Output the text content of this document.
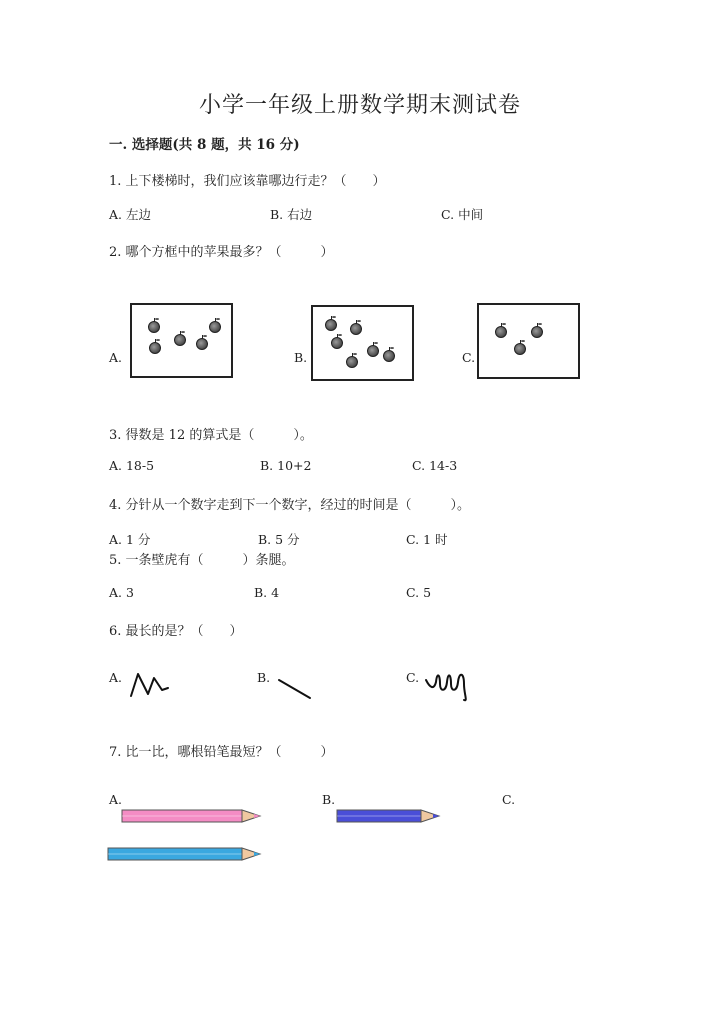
小学一年级上册数学期末测试卷
一. 选择题(共 8 题，共 16 分)
1. 上下楼梯时，我们应该靠哪边行走？（　　）
A. 左边	B. 右边	C. 中间
2. 哪个方框中的苹果最多？（　　　）
A.	B.	C.
3. 得数是 12 的算式是（　　　）。
A. 18-5	B. 10+2	C. 14-3
4. 分针从一个数字走到下一个数字，经过的时间是（　　　）。
A. 1 分	B. 5 分	C. 1 时
5. 一条壁虎有（　　　）条腿。
A. 3	B. 4	C. 5
6. 最长的是？（　　）
A.	B.	C.
7. 比一比，哪根铅笔最短？（　　　）
A.	B.	C.
